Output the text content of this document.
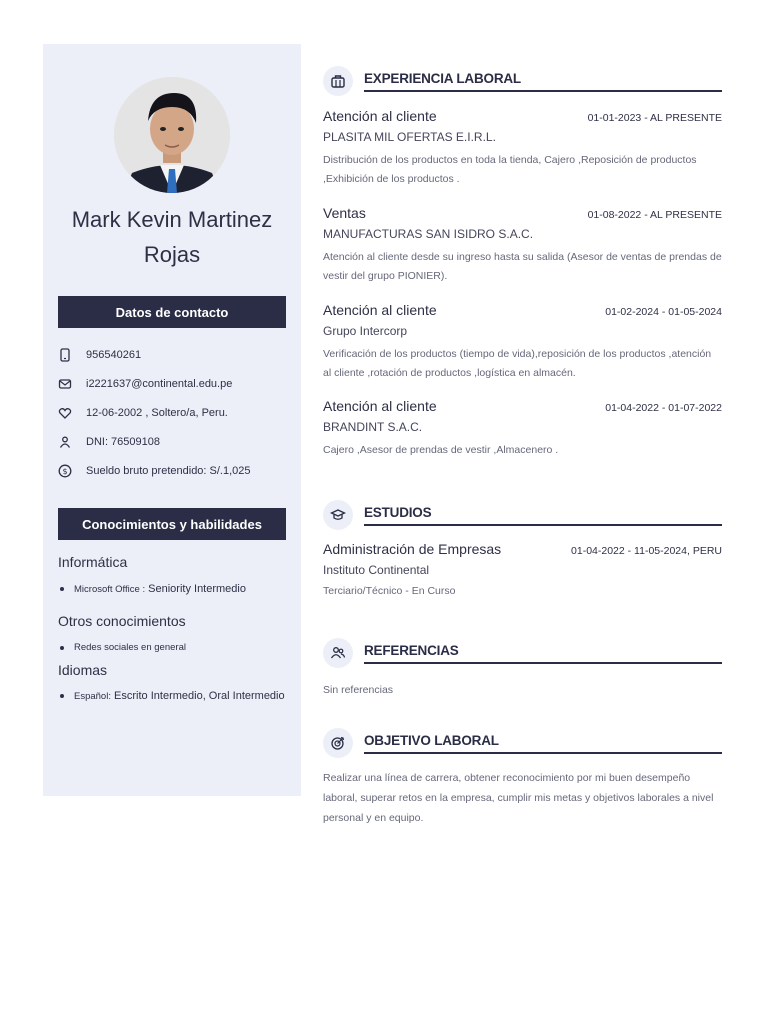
Mark Kevin Martinez Rojas
Datos de contacto
956540261
i2221637@continental.edu.pe
12-06-2002 , Soltero/a, Peru.
DNI: 76509108
$ Sueldo bruto pretendido: S/.1,025
Conocimientos y habilidades
Informática
Microsoft Office :
Seniority Intermedio
Otros conocimientos
Redes sociales en general
Idiomas
Español:
Escrito Intermedio, Oral Intermedio
EXPERIENCIA LABORAL
Atención al cliente	01-01-2023 - AL PRESENTE
PLASITA MIL OFERTAS E.I.R.L.
Distribución de los productos en toda la tienda, Cajero ,Reposición de productos ,Exhibición de los productos .
Ventas	01-08-2022 - AL PRESENTE
MANUFACTURAS SAN ISIDRO S.A.C.
Atención al cliente desde su ingreso hasta su salida (Asesor de ventas de prendas de vestir del grupo PIONIER).
Atención al cliente	01-02-2024 - 01-05-2024
Grupo Intercorp
Verificación de los productos (tiempo de vida),reposición de los productos ,atención al cliente ,rotación de productos ,logística en almacén.
Atención al cliente	01-04-2022 - 01-07-2022
BRANDINT S.A.C.
Cajero ,Asesor de prendas de vestir ,Almacenero .
ESTUDIOS
Administración de Empresas	01-04-2022 - 11-05-2024, PERU
Instituto Continental
Terciario/Técnico - En Curso
REFERENCIAS
Sin referencias
OBJETIVO LABORAL
Realizar una línea de carrera, obtener reconocimiento por mi buen desempeño laboral, superar retos en la empresa, cumplir mis metas y objetivos laborales a nivel personal y en equipo.
